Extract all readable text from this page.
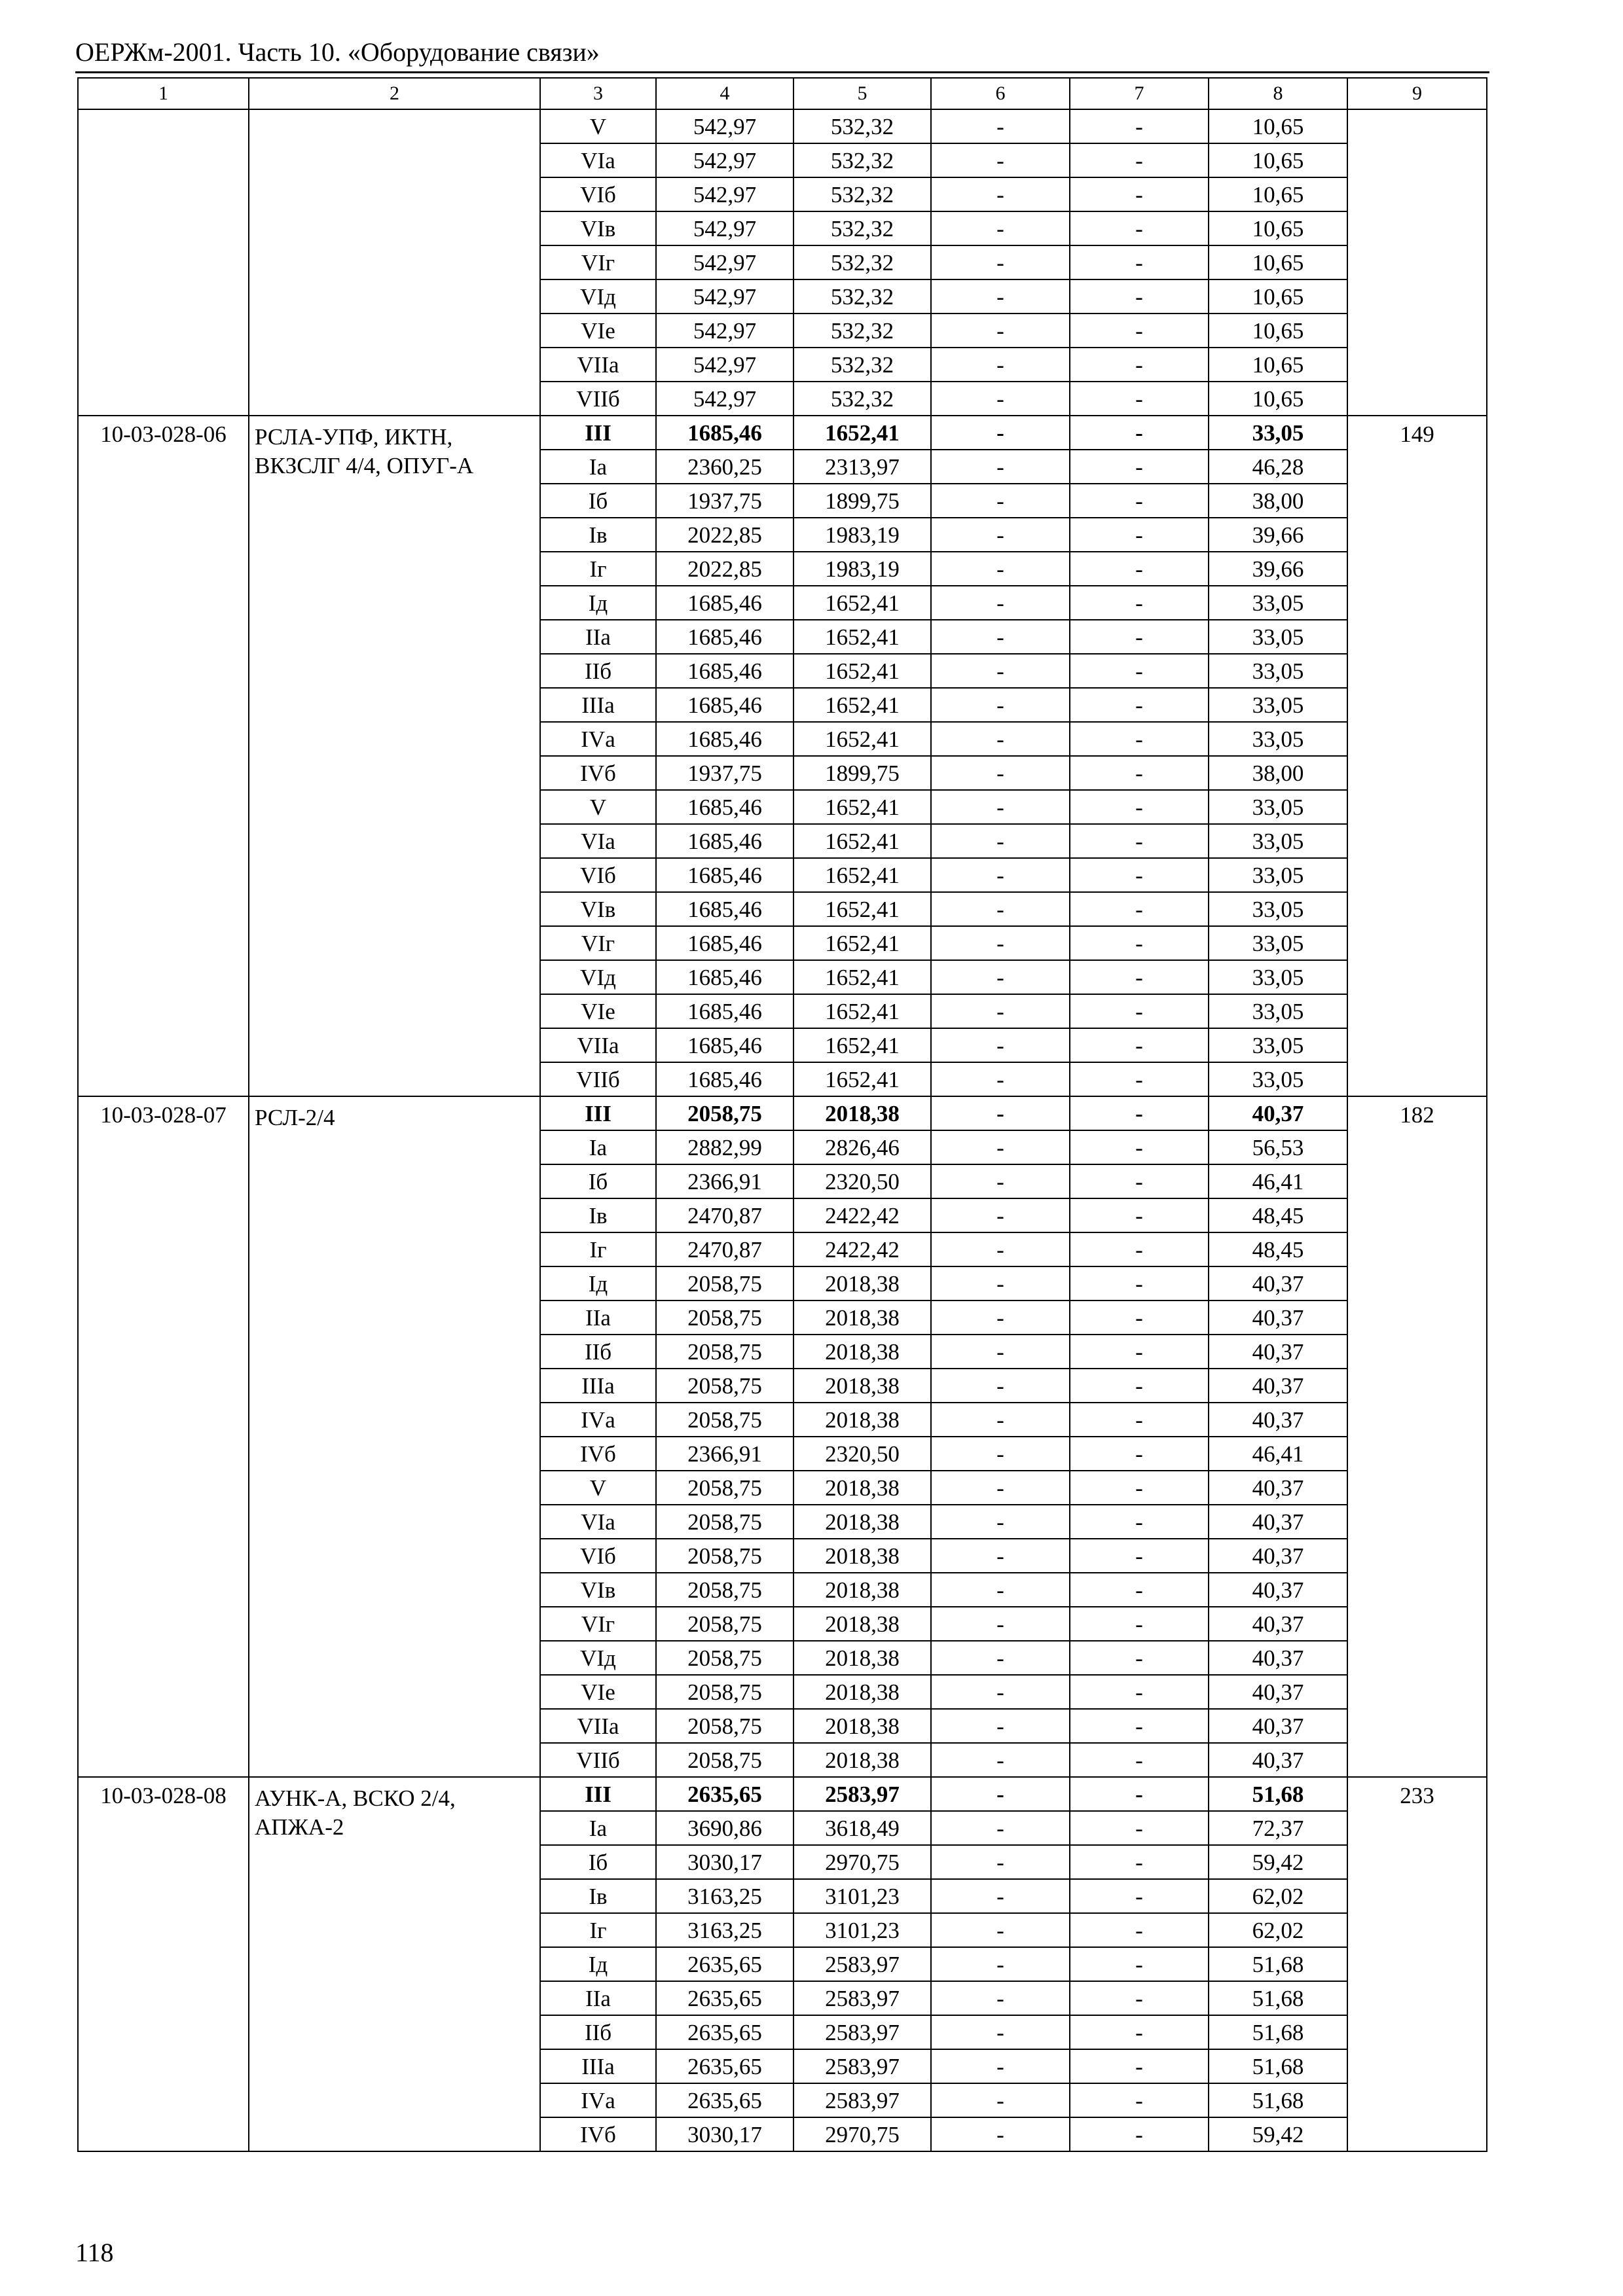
ОЕРЖм-2001. Часть 10. «Оборудование связи»
1	2	3	4	5	6	7	8	9
		V	542,97	532,32	-	-	10,65	
		VIа	542,97	532,32	-	-	10,65	
		VIб	542,97	532,32	-	-	10,65	
		VIв	542,97	532,32	-	-	10,65	
		VIг	542,97	532,32	-	-	10,65	
		VIд	542,97	532,32	-	-	10,65	
		VIе	542,97	532,32	-	-	10,65	
		VIIа	542,97	532,32	-	-	10,65	
		VIIб	542,97	532,32	-	-	10,65	
10-03-028-06	РСЛА-УПФ, ИКТН, ВКЗСЛГ 4/4, ОПУГ-А	III	1685,46	1652,41	-	-	33,05	149
		Iа	2360,25	2313,97	-	-	46,28	
		Iб	1937,75	1899,75	-	-	38,00	
		Iв	2022,85	1983,19	-	-	39,66	
		Iг	2022,85	1983,19	-	-	39,66	
		Iд	1685,46	1652,41	-	-	33,05	
		IIа	1685,46	1652,41	-	-	33,05	
		IIб	1685,46	1652,41	-	-	33,05	
		IIIа	1685,46	1652,41	-	-	33,05	
		IVа	1685,46	1652,41	-	-	33,05	
		IVб	1937,75	1899,75	-	-	38,00	
		V	1685,46	1652,41	-	-	33,05	
		VIа	1685,46	1652,41	-	-	33,05	
		VIб	1685,46	1652,41	-	-	33,05	
		VIв	1685,46	1652,41	-	-	33,05	
		VIг	1685,46	1652,41	-	-	33,05	
		VIд	1685,46	1652,41	-	-	33,05	
		VIе	1685,46	1652,41	-	-	33,05	
		VIIа	1685,46	1652,41	-	-	33,05	
		VIIб	1685,46	1652,41	-	-	33,05	
10-03-028-07	РСЛ-2/4	III	2058,75	2018,38	-	-	40,37	182
		Iа	2882,99	2826,46	-	-	56,53	
		Iб	2366,91	2320,50	-	-	46,41	
		Iв	2470,87	2422,42	-	-	48,45	
		Iг	2470,87	2422,42	-	-	48,45	
		Iд	2058,75	2018,38	-	-	40,37	
		IIа	2058,75	2018,38	-	-	40,37	
		IIб	2058,75	2018,38	-	-	40,37	
		IIIа	2058,75	2018,38	-	-	40,37	
		IVа	2058,75	2018,38	-	-	40,37	
		IVб	2366,91	2320,50	-	-	46,41	
		V	2058,75	2018,38	-	-	40,37	
		VIа	2058,75	2018,38	-	-	40,37	
		VIб	2058,75	2018,38	-	-	40,37	
		VIв	2058,75	2018,38	-	-	40,37	
		VIг	2058,75	2018,38	-	-	40,37	
		VIд	2058,75	2018,38	-	-	40,37	
		VIе	2058,75	2018,38	-	-	40,37	
		VIIа	2058,75	2018,38	-	-	40,37	
		VIIб	2058,75	2018,38	-	-	40,37	
10-03-028-08	АУНК-А, ВСКО 2/4, АПЖА-2	III	2635,65	2583,97	-	-	51,68	233
		Iа	3690,86	3618,49	-	-	72,37	
		Iб	3030,17	2970,75	-	-	59,42	
		Iв	3163,25	3101,23	-	-	62,02	
		Iг	3163,25	3101,23	-	-	62,02	
		Iд	2635,65	2583,97	-	-	51,68	
		IIа	2635,65	2583,97	-	-	51,68	
		IIб	2635,65	2583,97	-	-	51,68	
		IIIа	2635,65	2583,97	-	-	51,68	
		IVа	2635,65	2583,97	-	-	51,68	
		IVб	3030,17	2970,75	-	-	59,42	
118
